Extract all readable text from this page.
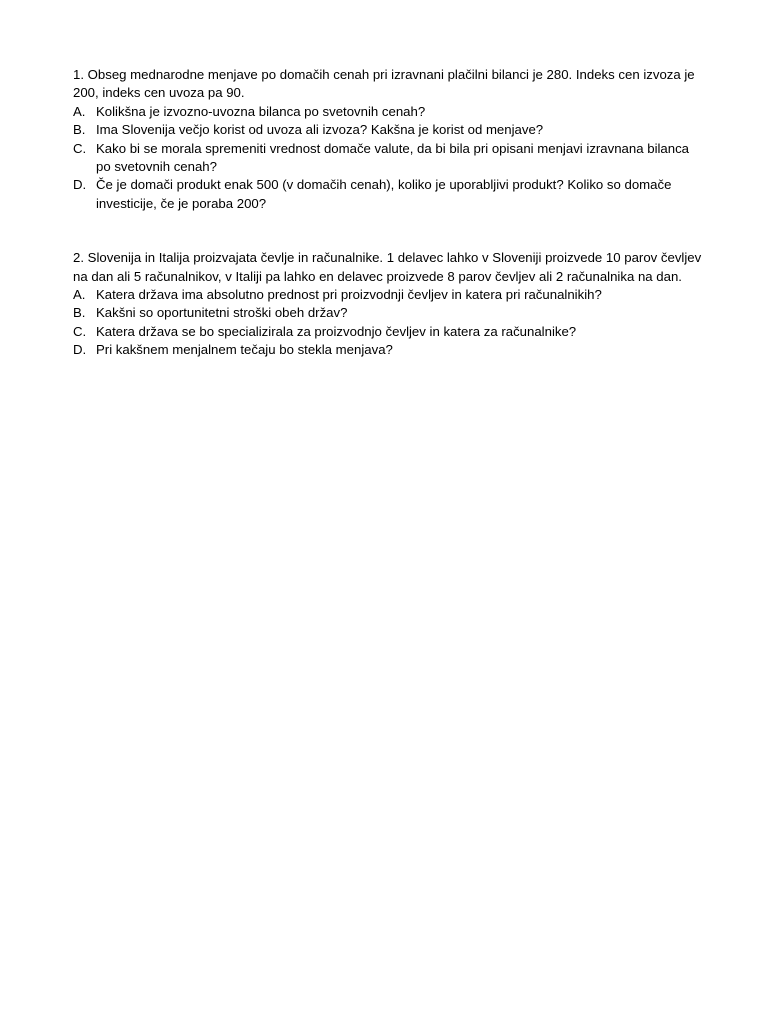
1. Obseg mednarodne menjave po domačih cenah pri izravnani plačilni bilanci je 280. Indeks cen izvoza je 200, indeks cen uvoza pa 90.

A. Kolikšna je izvozno-uvozna bilanca po svetovnih cenah?
B. Ima Slovenija večjo korist od uvoza ali izvoza? Kakšna je korist od menjave?
C. Kako bi se morala spremeniti vrednost domače valute, da bi bila pri opisani menjavi izravnana bilanca po svetovnih cenah?
D. Če je domači produkt enak 500 (v domačih cenah), koliko je uporabljivi produkt? Koliko so domače investicije, če je poraba 200?

2. Slovenija in Italija proizvajata čevlje in računalnike. 1 delavec lahko v Sloveniji proizvede 10 parov čevljev na dan ali 5 računalnikov, v Italiji pa lahko en delavec proizvede 8 parov čevljev ali 2 računalnika na dan.

A. Katera država ima absolutno prednost pri proizvodnji čevljev in katera pri računalnikih?
B. Kakšni so oportunitetni stroški obeh držav?
C. Katera država se bo specializirala za proizvodnjo čevljev in katera za računalnike?
D. Pri kakšnem menjalnem tečaju bo stekla menjava?
